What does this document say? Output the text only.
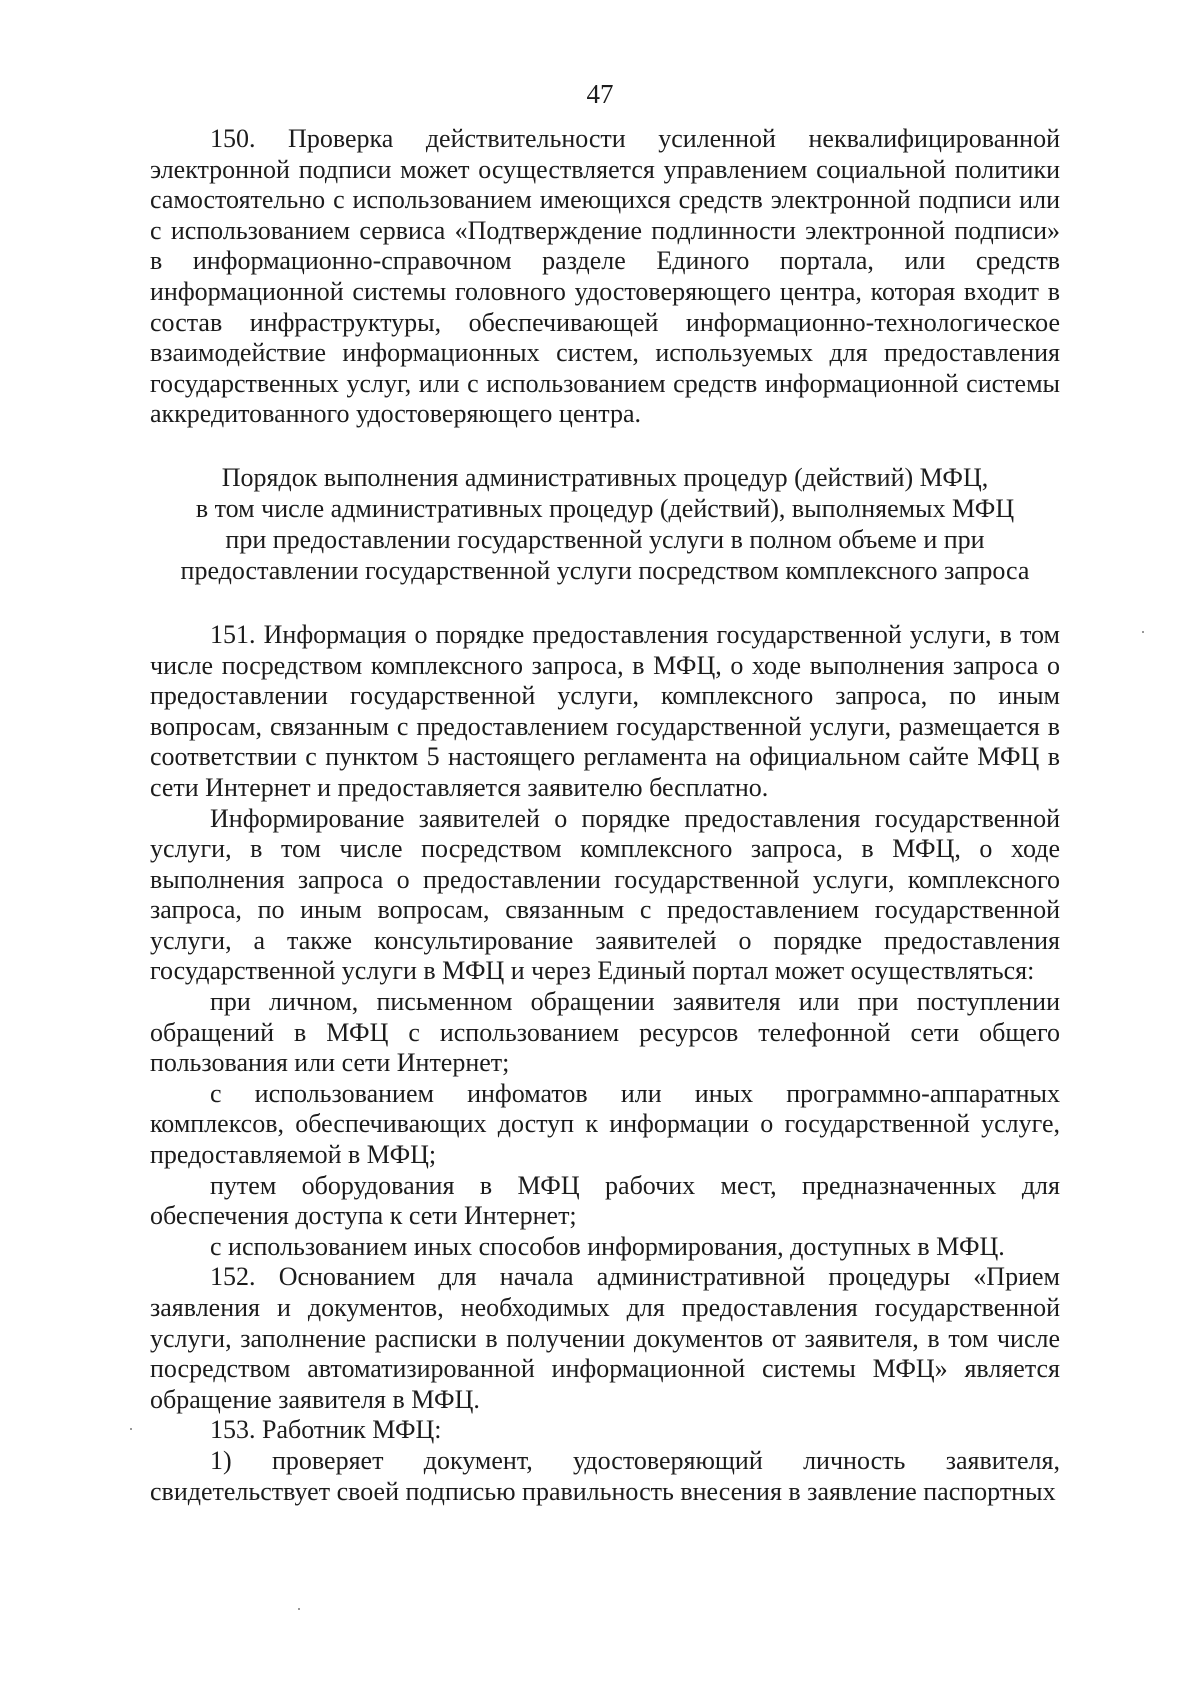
47

150. Проверка действительности усиленной неквалифицированной электронной подписи может осуществляется управлением социальной политики самостоятельно с использованием имеющихся средств электронной подписи или с использованием сервиса «Подтверждение подлинности электронной подписи» в информационно-справочном разделе Единого портала, или средств информационной системы головного удостоверяющего центра, которая входит в состав инфраструктуры, обеспечивающей информационно-технологическое взаимодействие информационных систем, используемых для предоставления государственных услуг, или с использованием средств информационной системы аккредитованного удостоверяющего центра.

Порядок выполнения административных процедур (действий) МФЦ,
в том числе административных процедур (действий), выполняемых МФЦ
при предоставлении государственной услуги в полном объеме и при
предоставлении государственной услуги посредством комплексного запроса

151. Информация о порядке предоставления государственной услуги, в том числе посредством комплексного запроса, в МФЦ, о ходе выполнения запроса о предоставлении государственной услуги, комплексного запроса, по иным вопросам, связанным с предоставлением государственной услуги, размещается в соответствии с пунктом 5 настоящего регламента на официальном сайте МФЦ в сети Интернет и предоставляется заявителю бесплатно.

Информирование заявителей о порядке предоставления государственной услуги, в том числе посредством комплексного запроса, в МФЦ, о ходе выполнения запроса о предоставлении государственной услуги, комплексного запроса, по иным вопросам, связанным с предоставлением государственной услуги, а также консультирование заявителей о порядке предоставления государственной услуги в МФЦ и через Единый портал может осуществляться:

при личном, письменном обращении заявителя или при поступлении обращений в МФЦ с использованием ресурсов телефонной сети общего пользования или сети Интернет;

с использованием инфоматов или иных программно-аппаратных комплексов, обеспечивающих доступ к информации о государственной услуге, предоставляемой в МФЦ;

путем оборудования в МФЦ рабочих мест, предназначенных для обеспечения доступа к сети Интернет;

с использованием иных способов информирования, доступных в МФЦ.

152. Основанием для начала административной процедуры «Прием заявления и документов, необходимых для предоставления государственной услуги, заполнение расписки в получении документов от заявителя, в том числе посредством автоматизированной информационной системы МФЦ» является обращение заявителя в МФЦ.

153. Работник МФЦ:

1) проверяет документ, удостоверяющий личность заявителя, свидетельствует своей подписью правильность внесения в заявление паспортных
